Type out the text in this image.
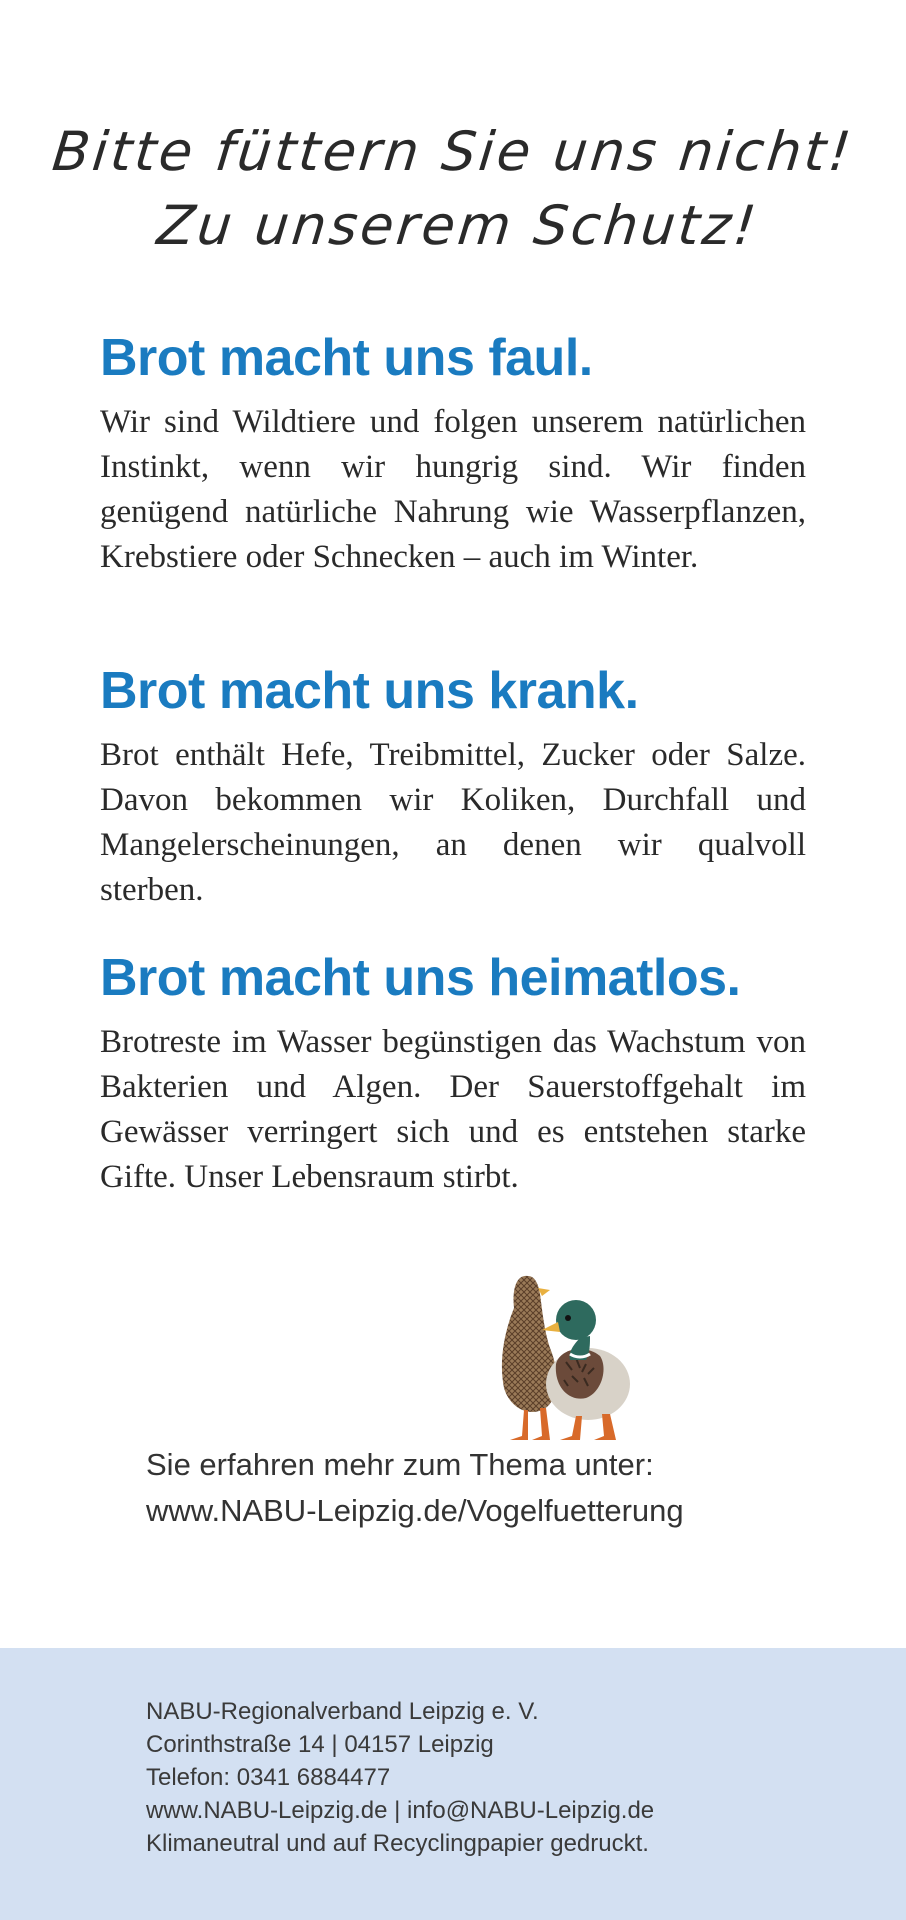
Bitte füttern Sie uns nicht!
Zu unserem Schutz!
Brot macht uns faul.

Wir sind Wildtiere und folgen unserem natürlichen Instinkt, wenn wir hungrig sind. Wir finden genügend natürliche Nahrung wie Wasserpflanzen, Krebstiere oder Schnecken – auch im Winter.

Brot macht uns krank.

Brot enthält Hefe, Treibmittel, Zucker oder Salze. Davon bekommen wir Koliken, Durchfall und Mangelerscheinungen, an denen wir qualvoll sterben.

Brot macht uns heimatlos.

Brotreste im Wasser begünstigen das Wachstum von Bakterien und Algen. Der Sauerstoffgehalt im Gewässer verringert sich und es entstehen starke Gifte. Unser Lebensraum stirbt.

Sie erfahren mehr zum Thema unter:
www.NABU-Leipzig.de/Vogelfuetterung
NABU-Regionalverband Leipzig e. V.
Corinthstraße 14 | 04157 Leipzig
Telefon: 0341 6884477
www.NABU-Leipzig.de | info@NABU-Leipzig.de
Klimaneutral und auf Recyclingpapier gedruckt.
